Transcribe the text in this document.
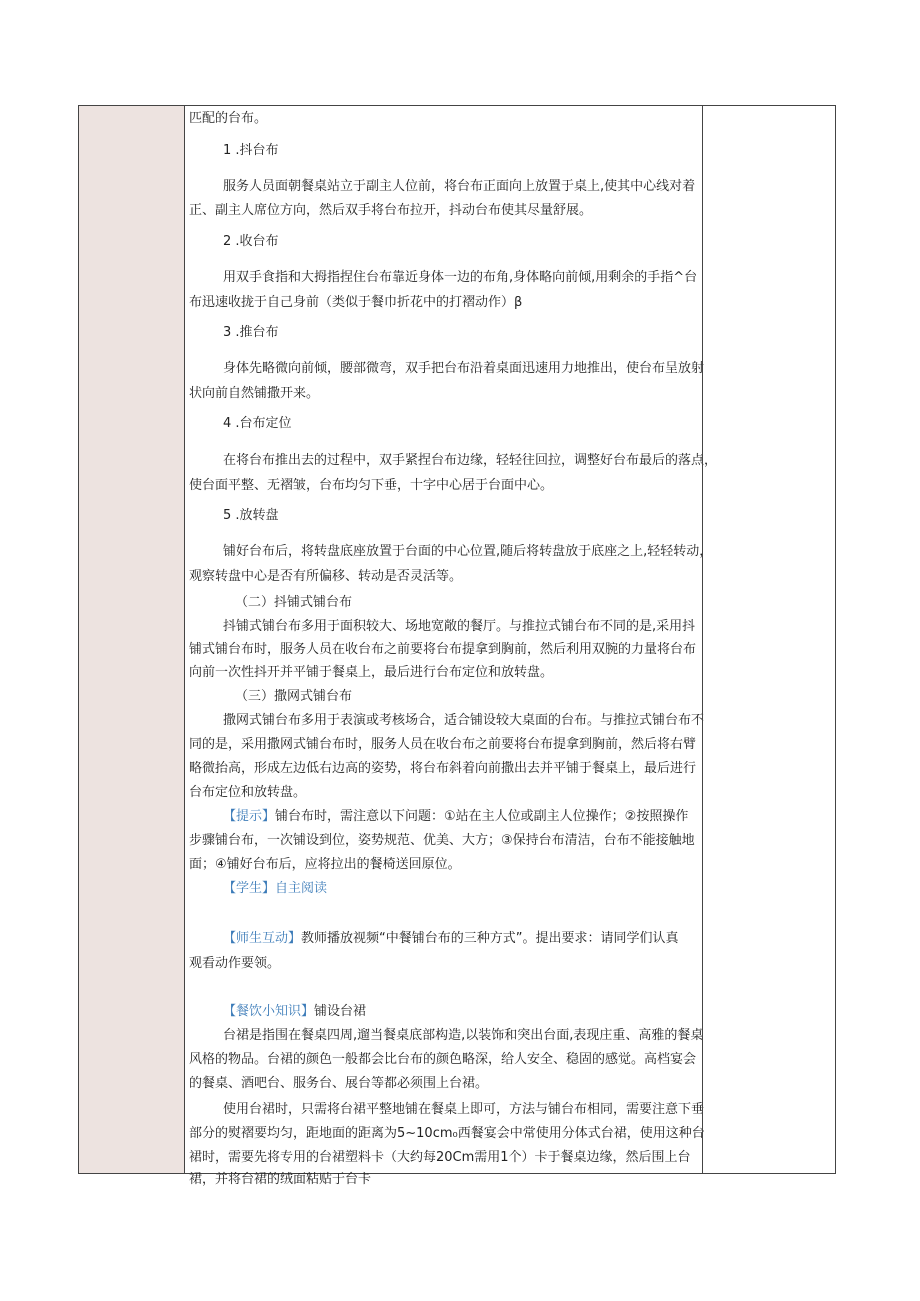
匹配的台布。

1 .抖台布

服务人员面朝餐桌站立于副主人位前，将台布正面向上放置于桌上,使其中心线对着

正、副主人席位方向，然后双手将台布拉开，抖动台布使其尽量舒展。

2 .收台布

用双手食指和大拇指捏住台布靠近身体一边的布角,身体略向前倾,用剩余的手指^台

布迅速收拢于自己身前（类似于餐巾折花中的打褶动作）β

3 .推台布

身体先略微向前倾，腰部微弯，双手把台布沿着桌面迅速用力地推出，使台布呈放射

状向前自然铺撒开来。

4 .台布定位

在将台布推出去的过程中，双手紧捏台布边缘，轻轻往回拉，调整好台布最后的落点，

使台面平整、无褶皱，台布均匀下垂，十字中心居于台面中心。

5 .放转盘

铺好台布后，将转盘底座放置于台面的中心位置,随后将转盘放于底座之上,轻轻转动，

观察转盘中心是否有所偏移、转动是否灵活等。

（二）抖铺式铺台布

抖铺式铺台布多用于面积较大、场地宽敞的餐厅。与推拉式铺台布不同的是,采用抖

铺式铺台布时，服务人员在收台布之前要将台布提拿到胸前，然后利用双腕的力量将台布

向前一次性抖开并平铺于餐桌上，最后进行台布定位和放转盘。

（三）撒网式铺台布

撒网式铺台布多用于表演或考核场合，适合铺设较大桌面的台布。与推拉式铺台布不

同的是，采用撒网式铺台布时，服务人员在收台布之前要将台布提拿到胸前，然后将右臂

略微抬高，形成左边低右边高的姿势，将台布斜着向前撒出去并平铺于餐桌上，最后进行

台布定位和放转盘。

【提示】铺台布时，需注意以下问题：①站在主人位或副主人位操作；②按照操作

步骤铺台布，一次铺设到位，姿势规范、优美、大方；③保持台布清洁，台布不能接触地

面；④铺好台布后，应将拉出的餐椅送回原位。

【学生】自主阅读

【师生互动】教师播放视频“中餐铺台布的三种方式”。提出要求：请同学们认真

观看动作要领。

【餐饮小知识】铺设台裙

台裙是指围在餐桌四周,遛当餐桌底部构造,以装饰和突出台面,表现庄重、高雅的餐桌

风格的物品。台裙的颜色一般都会比台布的颜色略深，给人安全、稳固的感觉。高档宴会

的餐桌、酒吧台、服务台、展台等都必须围上台裙。

使用台裙时，只需将台裙平整地铺在餐桌上即可，方法与铺台布相同，需要注意下垂

部分的熨褶要均匀，距地面的距离为5~10cm₀西餐宴会中常使用分体式台裙，使用这种台

裙时，需要先将专用的台裙塑料卡（大约每20Cm需用1个）卡于餐桌边缘，然后围上台

裙，并将台裙的绒面粘贴于台卡
